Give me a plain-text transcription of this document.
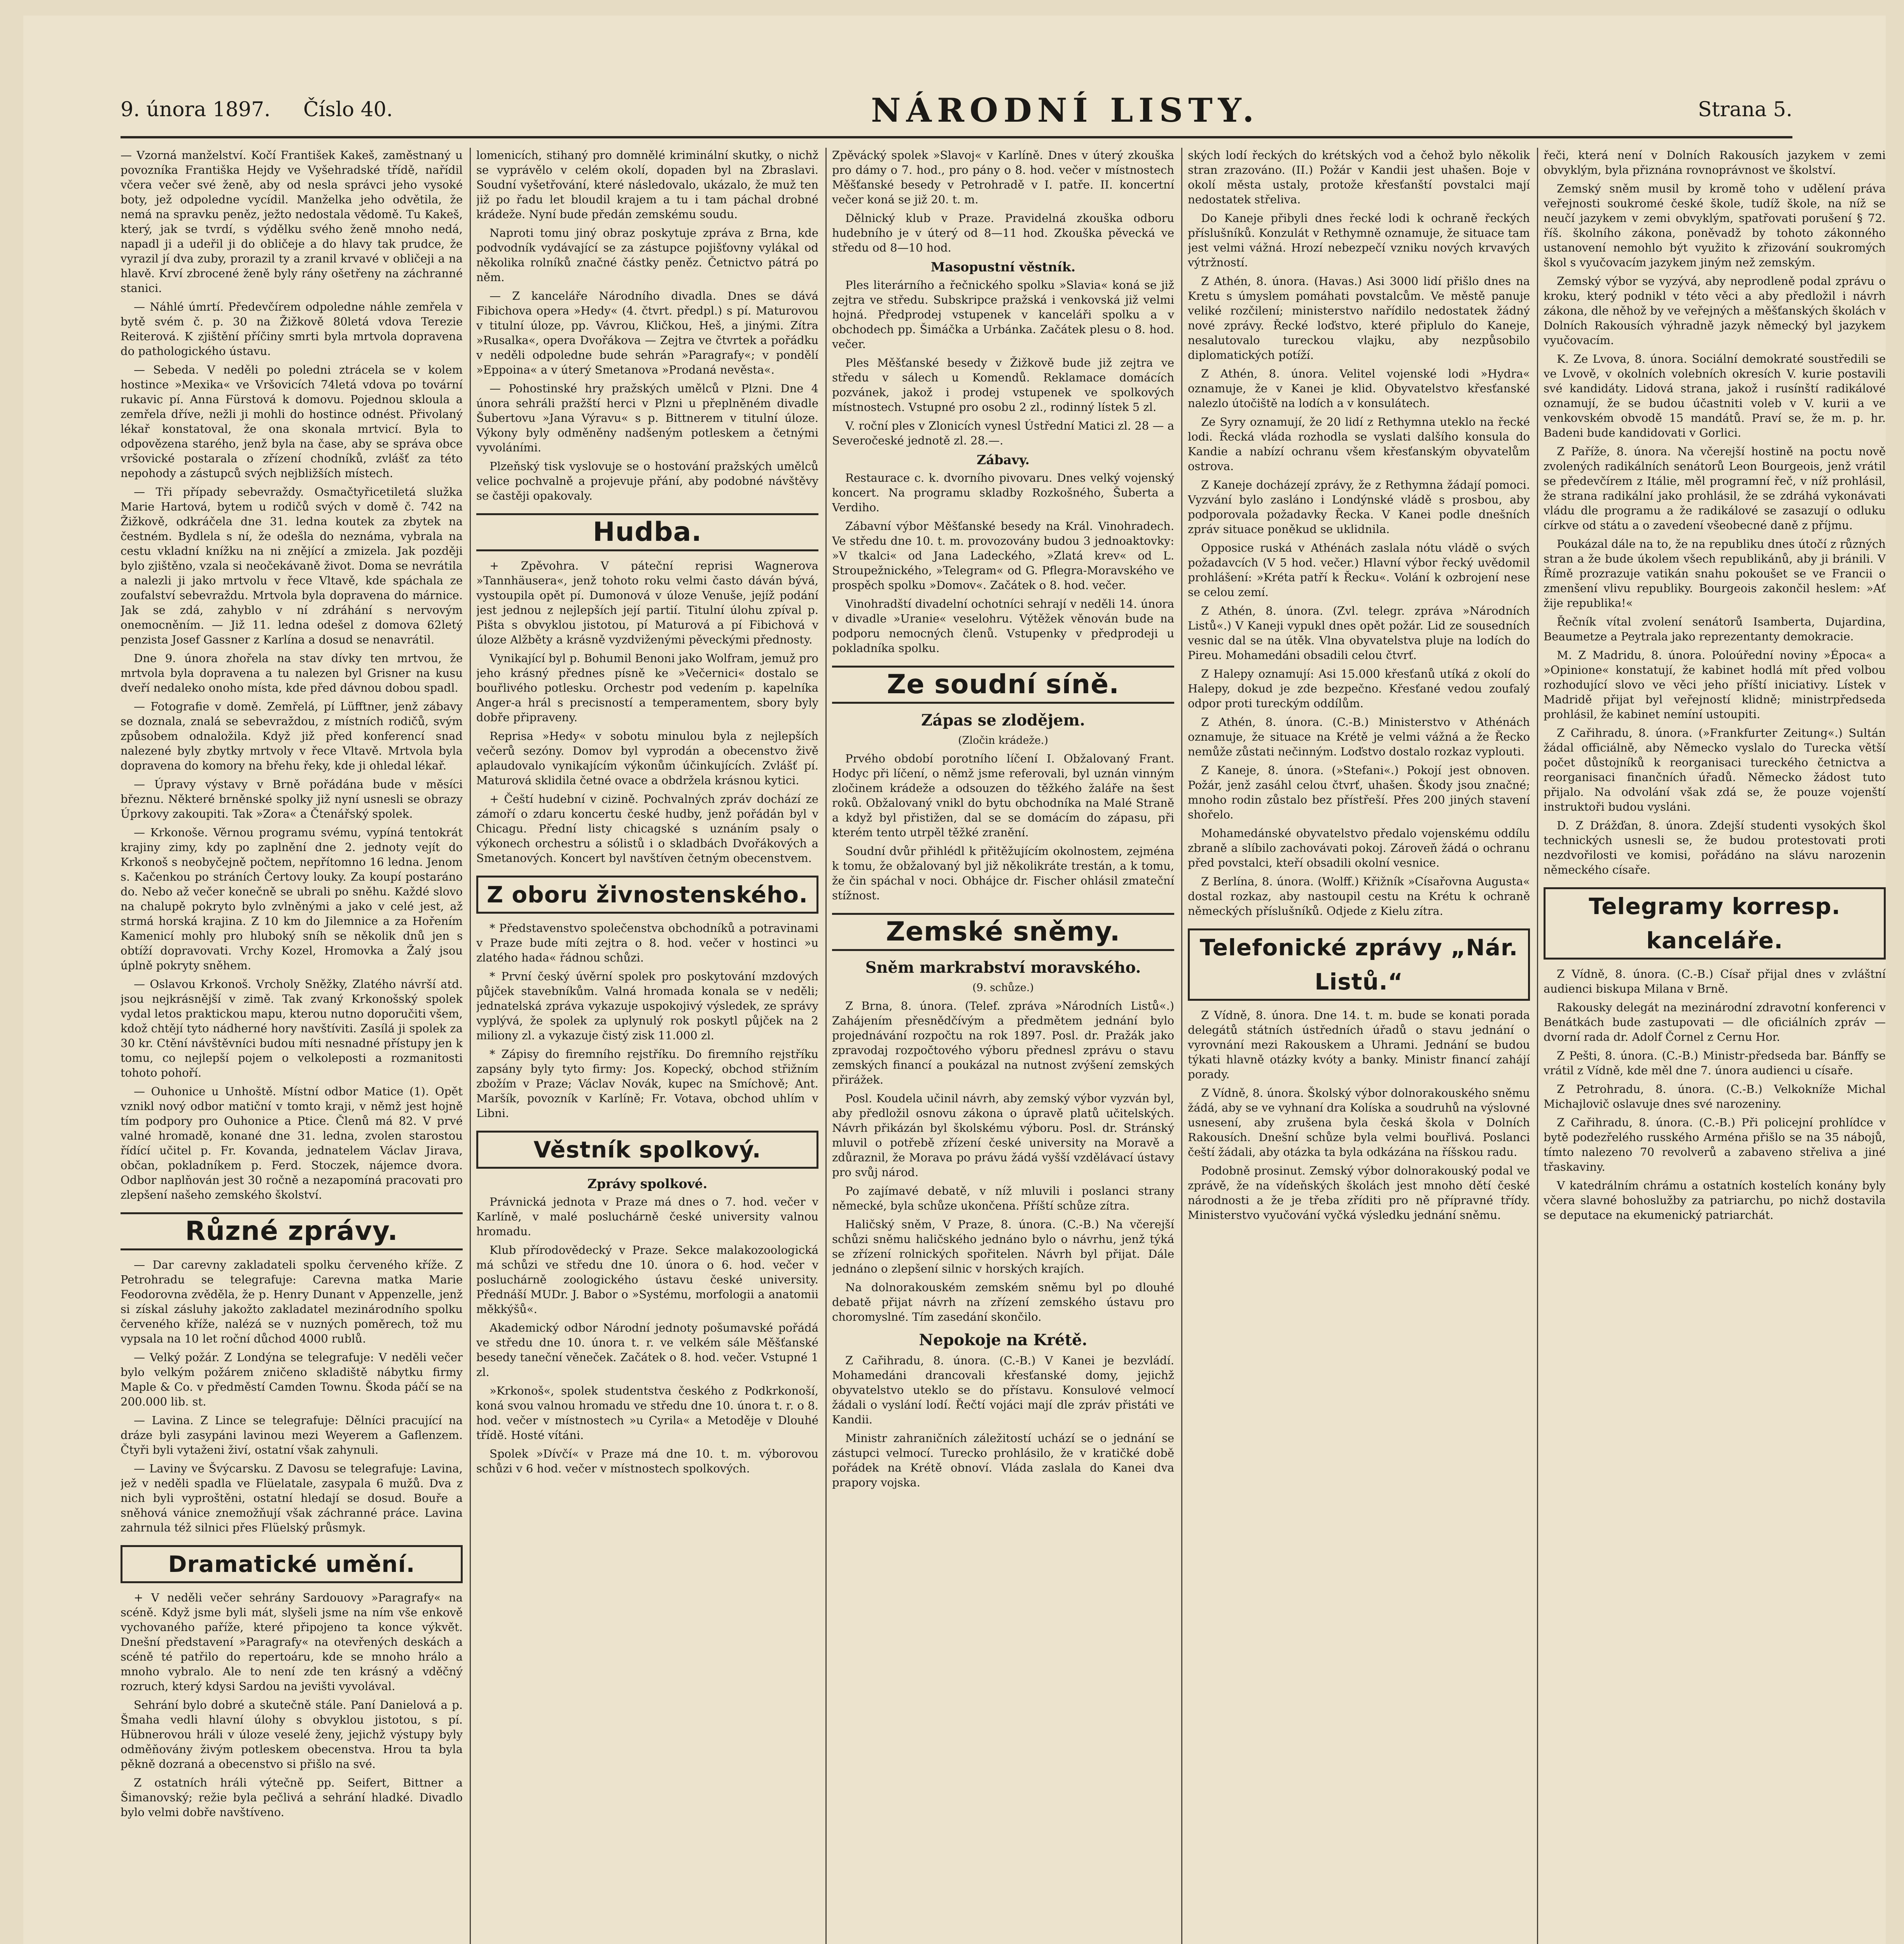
9. února 1897. Číslo 40.	NÁRODNÍ LISTY.	Strana 5.

— Vzorná manželství. Kočí František Kakeš, zaměstnaný u povozníka Františka Hejdy ve Vyšehradské třídě, nařídil včera večer své ženě, aby od nesla správci jeho vysoké boty, jež odpoledne vycídil. Manželka jeho odvětila, že nemá na spravku peněz, ježto nedostala vědomě. Tu Kakeš, který, jak se tvrdí, s výdělku svého ženě mnoho nedá, napadl ji a udeřil ji do obličeje a do hlavy tak prudce, že vyrazil jí dva zuby, prorazil ty a zranil krvavé v obličeji a na hlavě. Krví zbrocené ženě byly rány ošetřeny na záchranné stanici.

— Náhlé úmrtí. Předevčírem odpoledne náhle zemřela v bytě svém č. p. 30 na Žižkově 80letá vdova Terezie Reiterová. K zjištění příčiny smrti byla mrtvola dopravena do pathologického ústavu.

— Sebeda. V neděli po poledni ztrácela se v kolem hostince »Mexika« ve Vršovicích 74letá vdova po tovární rukavic pí. Anna Fürstová k domovu. Pojednou skloula a zemřela dříve, nežli ji mohli do hostince odnést. Přivolaný lékař konstatoval, že ona skonala mrtvicí. Byla to odpovězena starého, jenž byla na čase, aby se správa obce vršovické postarala o zřízení chodníků, zvlášť za této nepohody a zástupců svých nejbližších místech.

— Tři případy sebevraždy. Osmačtyřicetiletá služka Marie Hartová, bytem u rodičů svých v domě č. 742 na Žižkově, odkráčela dne 31. ledna koutek za zbytek na čestném. Bydlela s ní, že odešla do neznáma, vybrala na cestu vkladní knížku na ni znějící a zmizela. Jak později bylo zjištěno, vzala si neočekávaně život. Doma se nevrátila a nalezli ji jako mrtvolu v řece Vltavě, kde spáchala ze zoufalství sebevraždu. Mrtvola byla dopravena do márnice. Jak se zdá, zahyblo v ní zdráhání s nervovým onemocněním. — Již 11. ledna odešel z domova 62letý penzista Josef Gassner z Karlína a dosud se nenavrátil.

Dne 9. února zhořela na stav dívky ten mrtvou, že mrtvola byla dopravena a tu nalezen byl Grisner na kusu dveří nedaleko onoho místa, kde před dávnou dobou spadl.

— Fotografie v domě. Zemřelá, pí Lüfftner, jenž zábavy se doznala, znalá se sebevraždou, z místních rodičů, svým způsobem odnaložila. Když již před konferencí snad nalezené byly zbytky mrtvoly v řece Vltavě. Mrtvola byla dopravena do komory na břehu řeky, kde ji ohledal lékař.

— Úpravy výstavy v Brně pořádána bude v měsíci březnu. Některé brněnské spolky již nyní usnesli se obrazy Úprkovy zakoupiti. Tak »Zora« a Čtenářský spolek.

— Krkonoše. Věrnou programu svému, vypíná tentokrát krajiny zimy, kdy po zaplnění dne 2. jednoty vejít do Krkonoš s neobyčejně počtem, nepřítomno 16 ledna. Jenom s. Kačenkou po stráních Čertovy louky. Za koupí postaráno do. Nebo až večer konečně se ubrali po sněhu. Každé slovo na chalupě pokryto bylo zvlněnými a jako v celé jest, až strmá horská krajina. Z 10 km do Jilemnice a za Hořením Kamenicí mohly pro hluboký sníh se několik dnů jen s obtíží dopravovati. Vrchy Kozel, Hromovka a Žalý jsou úplně pokryty sněhem.

— Oslavou Krkonoš. Vrcholy Sněžky, Zlatého návrší atd. jsou nejkrásnější v zimě. Tak zvaný Krkonošský spolek vydal letos praktickou mapu, kterou nutno doporučiti všem, kdož chtějí tyto nádherné hory navštíviti. Zasílá ji spolek za 30 kr. Ctění návštěvníci budou míti nesnadné přístupy jen k tomu, co nejlepší pojem o velkoleposti a rozmanitosti tohoto pohoří.

— Ouhonice u Unhoště. Místní odbor Matice (1). Opět vznikl nový odbor matiční v tomto kraji, v němž jest hojně tím podpory pro Ouhonice a Ptice. Členů má 82. V prvé valné hromadě, konané dne 31. ledna, zvolen starostou řídící učitel p. Fr. Kovanda, jednatelem Václav Jirava, občan, pokladníkem p. Ferd. Stoczek, nájemce dvora. Odbor naplňován jest 30 ročně a nezapomíná pracovati pro zlepšení našeho zemského školství.

Různé zprávy.

— Dar carevny zakladateli spolku červeného kříže. Z Petrohradu se telegrafuje: Carevna matka Marie Feodorovna zvěděla, že p. Henry Dunant v Appenzelle, jenž si získal zásluhy jakožto zakladatel mezinárodního spolku červeného kříže, nalézá se v nuzných poměrech, tož mu vypsala na 10 let roční důchod 4000 rublů.

— Velký požár. Z Londýna se telegrafuje: V neděli večer bylo velkým požárem zničeno skladiště nábytku firmy Maple & Co. v předměstí Camden Townu. Škoda páčí se na 200.000 lib. st.

— Lavina. Z Lince se telegrafuje: Dělníci pracující na dráze byli zasypáni lavinou mezi Weyerem a Gaflenzem. Čtyři byli vytaženi živí, ostatní však zahynuli.

— Laviny ve Švýcarsku. Z Davosu se telegrafuje: Lavina, jež v neděli spadla ve Flüelatale, zasypala 6 mužů. Dva z nich byli vyproštěni, ostatní hledají se dosud. Bouře a sněhová vánice znemožňují však záchranné práce. Lavina zahrnula též silnici přes Flüelský průsmyk.

Dramatické umění.

+ V neděli večer sehrány Sardouovy »Paragrafy« na scéně. Když jsme byli mát, slyšeli jsme na ním vše enkově vychovaného paříže, které připojeno ta konce výkvět. Dnešní představení »Paragrafy« na otevřených deskách a scéně té patřilo do repertoáru, kde se mnoho hrálo a mnoho vybralo. Ale to není zde ten krásný a vděčný rozruch, který kdysi Sardou na jevišti vyvolával.

Sehrání bylo dobré a skutečně stále. Paní Danielová a p. Šmaha vedli hlavní úlohy s obvyklou jistotou, s pí. Hübnerovou hráli v úloze veselé ženy, jejichž výstupy byly odměňovány živým potleskem obecenstva. Hrou ta byla pěkně dozraná a obecenstvo si přišlo na své.

Z ostatních hráli výtečně pp. Seifert, Bittner a Šimanovský; režie byla pečlivá a sehrání hladké. Divadlo bylo velmi dobře navštíveno.

lomenicích, stihaný pro domnělé kriminální skutky, o nichž se vyprávělo v celém okolí, dopaden byl na Zbraslavi. Soudní vyšetřování, které následovalo, ukázalo, že muž ten již po řadu let bloudil krajem a tu i tam páchal drobné krádeže. Nyní bude předán zemskému soudu.

Naproti tomu jiný obraz poskytuje zpráva z Brna, kde podvodník vydávající se za zástupce pojišťovny vylákal od několika rolníků značné částky peněz. Četnictvo pátrá po něm.

— Z kanceláře Národního divadla. Dnes se dává Fibichova opera »Hedy« (4. čtvrt. předpl.) s pí. Maturovou v titulní úloze, pp. Vávrou, Kličkou, Heš, a jinými. Zítra »Rusalka«, opera Dvořákova — Zejtra ve čtvrtek a pořádku v neděli odpoledne bude sehrán »Paragrafy«; v pondělí »Eppoina« a v úterý Smetanova »Prodaná nevěsta«.

— Pohostinské hry pražských umělců v Plzni. Dne 4 února sehráli pražští herci v Plzni u přeplněném divadle Šubertovu »Jana Výravu« s p. Bittnerem v titulní úloze. Výkony byly odměněny nadšeným potleskem a četnými vyvoláními.

Plzeňský tisk vyslovuje se o hostování pražských umělců velice pochvalně a projevuje přání, aby podobné návštěvy se častěji opakovaly.

Hudba.

+ Zpěvohra. V páteční reprisi Wagnerova »Tannhäusera«, jenž tohoto roku velmi často dáván bývá, vystoupila opět pí. Dumonová v úloze Venuše, jejíž podání jest jednou z nejlepších její partií. Titulní úlohu zpíval p. Pišta s obvyklou jistotou, pí Maturová a pí Fibichová v úloze Alžběty a krásně vyzdviženými pěveckými přednosty.

Vynikající byl p. Bohumil Benoni jako Wolfram, jemuž pro jeho krásný přednes písně ke »Večernici« dostalo se bouřlivého potlesku. Orchestr pod vedením p. kapelníka Anger-a hrál s precisností a temperamentem, sbory byly dobře připraveny.

Reprisa »Hedy« v sobotu minulou byla z nejlepších večerů sezóny. Domov byl vyprodán a obecenstvo živě aplaudovalo vynikajícím výkonům účinkujících. Zvlášť pí. Maturová sklidila četné ovace a obdržela krásnou kytici.

+ Čeští hudební v cizině. Pochvalných zpráv dochází ze zámoří o zdaru koncertu české hudby, jenž pořádán byl v Chicagu. Přední listy chicagské s uznáním psaly o výkonech orchestru a sólistů i o skladbách Dvořákových a Smetanových. Koncert byl navštíven četným obecenstvem.

Z oboru živnostenského.

* Představenstvo společenstva obchodníků a potravinami v Praze bude míti zejtra o 8. hod. večer v hostinci »u zlatého hada« řádnou schůzi.

* První český úvěrní spolek pro poskytování mzdových půjček stavebníkům. Valná hromada konala se v neděli; jednatelská zpráva vykazuje uspokojivý výsledek, ze správy vyplývá, že spolek za uplynulý rok poskytl půjček na 2 miliony zl. a vykazuje čistý zisk 11.000 zl.

* Zápisy do firemního rejstříku. Do firemního rejstříku zapsány byly tyto firmy: Jos. Kopecký, obchod střižním zbožím v Praze; Václav Novák, kupec na Smíchově; Ant. Maršík, povozník v Karlíně; Fr. Votava, obchod uhlím v Libni.

Věstník spolkový.
Zprávy spolkové.

Právnická jednota v Praze má dnes o 7. hod. večer v Karlíně, v malé posluchárně české university valnou hromadu.

Klub přírodovědecký v Praze. Sekce malakozoologická má schůzi ve středu dne 10. února o 6. hod. večer v posluchárně zoologického ústavu české university. Přednáší MUDr. J. Babor o »Systému, morfologii a anatomii měkkýšů«.

Akademický odbor Národní jednoty pošumavské pořádá ve středu dne 10. února t. r. ve velkém sále Měšťanské besedy taneční věneček. Začátek o 8. hod. večer. Vstupné 1 zl.

»Krkonoš«, spolek studentstva českého z Podkrkonoší, koná svou valnou hromadu ve středu dne 10. února t. r. o 8. hod. večer v místnostech »u Cyrila« a Metoděje v Dlouhé třídě. Hosté vítáni.

Spolek »Dívčí« v Praze má dne 10. t. m. výborovou schůzi v 6 hod. večer v místnostech spolkových.

Zpěvácký spolek »Slavoj« v Karlíně. Dnes v úterý zkouška pro dámy o 7. hod., pro pány o 8. hod. večer v místnostech Měšťanské besedy v Petrohradě v I. patře. II. koncertní večer koná se již 20. t. m.

Dělnický klub v Praze. Pravidelná zkouška odboru hudebního je v úterý od 8—11 hod. Zkouška pěvecká ve středu od 8—10 hod.

Masopustní věstník.

Ples literárního a řečnického spolku »Slavia« koná se již zejtra ve středu. Subskripce pražská i venkovská již velmi hojná. Předprodej vstupenek v kanceláři spolku a v obchodech pp. Šimáčka a Urbánka. Začátek plesu o 8. hod. večer.

Ples Měšťanské besedy v Žižkově bude již zejtra ve středu v sálech u Komendů. Reklamace domácích pozvánek, jakož i prodej vstupenek ve spolkových místnostech. Vstupné pro osobu 2 zl., rodinný lístek 5 zl.

V. roční ples v Zlonicích vynesl Ústřední Matici zl. 28 — a Severočeské jednotě zl. 28.—.

Zábavy.

Restaurace c. k. dvorního pivovaru. Dnes velký vojenský koncert. Na programu skladby Rozkošného, Šuberta a Verdiho.

Zábavní výbor Měšťanské besedy na Král. Vinohradech. Ve středu dne 10. t. m. provozovány budou 3 jednoaktovky: »V tkalci« od Jana Ladeckého, »Zlatá krev« od L. Stroupežnického, »Telegram« od G. Pflegra-Moravského ve prospěch spolku »Domov«. Začátek o 8. hod. večer.

Vinohradští divadelní ochotníci sehrají v neděli 14. února v divadle »Uranie« veselohru. Výtěžek věnován bude na podporu nemocných členů. Vstupenky v předprodeji u pokladníka spolku.

Ze soudní síně.
Zápas se zlodějem.
(Zločin krádeže.)

Prvého období porotního líčení I. Obžalovaný Frant. Hodyc při líčení, o němž jsme referovali, byl uznán vinným zločinem krádeže a odsouzen do těžkého žaláře na šest roků. Obžalovaný vnikl do bytu obchodníka na Malé Straně a když byl přistižen, dal se se domácím do zápasu, při kterém tento utrpěl těžké zranění.

Soudní dvůr přihlédl k přitěžujícím okolnostem, zejména k tomu, že obžalovaný byl již několikráte trestán, a k tomu, že čin spáchal v noci. Obhájce dr. Fischer ohlásil zmateční stížnost.

Zemské sněmy.
Sněm markrabství moravského.
(9. schůze.)

Z Brna, 8. února. (Telef. zpráva »Národních Listů«.) Zahájením přesnědčívým a předmětem jednání bylo projednávání rozpočtu na rok 1897. Posl. dr. Pražák jako zpravodaj rozpočtového výboru přednesl zprávu o stavu zemských financí a poukázal na nutnost zvýšení zemských přirážek.

Posl. Koudela učinil návrh, aby zemský výbor vyzván byl, aby předložil osnovu zákona o úpravě platů učitelských. Návrh přikázán byl školskému výboru. Posl. dr. Stránský mluvil o potřebě zřízení české university na Moravě a zdůraznil, že Morava po právu žádá vyšší vzdělávací ústavy pro svůj národ.

Po zajímavé debatě, v níž mluvili i poslanci strany německé, byla schůze ukončena. Příští schůze zítra.

Haličský sněm, V Praze, 8. února. (C.-B.) Na včerejší schůzi sněmu haličského jednáno bylo o návrhu, jenž týká se zřízení rolnických spořitelen. Návrh byl přijat. Dále jednáno o zlepšení silnic v horských krajích.

Na dolnorakouském zemském sněmu byl po dlouhé debatě přijat návrh na zřízení zemského ústavu pro choromyslné. Tím zasedání skončilo.

Nepokoje na Krétě.

Z Cařihradu, 8. února. (C.-B.) V Kanei je bezvládí. Mohamedáni drancovali křesťanské domy, jejichž obyvatelstvo uteklo se do přístavu. Konsulové velmocí žádali o vyslání lodí. Řečtí vojáci mají dle zpráv přistáti ve Kandii.

Ministr zahraničních záležitostí uchází se o jednání se zástupci velmocí. Turecko prohlásilo, že v kratičké době pořádek na Krétě obnoví. Vláda zaslala do Kanei dva prapory vojska.

ských lodí řeckých do krétských vod a čehož bylo několik stran zrazováno. (II.) Požár v Kandii jest uhašen. Boje v okolí města ustaly, protože křesťanští povstalci mají nedostatek střeliva.

Do Kaneje přibyli dnes řecké lodi k ochraně řeckých příslušníků. Konzulát v Rethymně oznamuje, že situace tam jest velmi vážná. Hrozí nebezpečí vzniku nových krvavých výtržností.

Z Athén, 8. února. (Havas.) Asi 3000 lidí přišlo dnes na Kretu s úmyslem pomáhati povstalcům. Ve městě panuje veliké rozčilení; ministerstvo nařídilo nedostatek žádný nové zprávy. Řecké loďstvo, které připlulo do Kaneje, nesalutovalo tureckou vlajku, aby nezpůsobilo diplomatických potíží.

Z Athén, 8. února. Velitel vojenské lodi »Hydra« oznamuje, že v Kanei je klid. Obyvatelstvo křesťanské nalezlo útočiště na lodích a v konsulátech.

Ze Syry oznamují, že 20 lidí z Rethymna uteklo na řecké lodi. Řecká vláda rozhodla se vyslati dalšího konsula do Kandie a nabízí ochranu všem křesťanským obyvatelům ostrova.

Z Kaneje docházejí zprávy, že z Rethymna žádají pomoci. Vyzvání bylo zasláno i Londýnské vládě s prosbou, aby podporovala požadavky Řecka. V Kanei podle dnešních zpráv situace poněkud se uklidnila.

Opposice ruská v Athénách zaslala nótu vládě o svých požadavcích (V 5 hod. večer.) Hlavní výbor řecký uvědomil prohlášení: »Kréta patří k Řecku«. Volání k ozbrojení nese se celou zemí.

Z Athén, 8. února. (Zvl. telegr. zpráva »Národních Listů«.) V Kaneji vypukl dnes opět požár. Lid ze sousedních vesnic dal se na útěk. Vlna obyvatelstva pluje na lodích do Pireu. Mohamedáni obsadili celou čtvrť.

Z Halepy oznamují: Asi 15.000 křesťanů utíká z okolí do Halepy, dokud je zde bezpečno. Křesťané vedou zoufalý odpor proti tureckým oddílům.

Z Athén, 8. února. (C.-B.) Ministerstvo v Athénách oznamuje, že situace na Krétě je velmi vážná a že Řecko nemůže zůstati nečinným. Loďstvo dostalo rozkaz vyplouti.

Z Kaneje, 8. února. (»Stefani«.) Pokojí jest obnoven. Požár, jenž zasáhl celou čtvrť, uhašen. Škody jsou značné; mnoho rodin zůstalo bez přístřeší. Přes 200 jiných stavení shořelo.

Mohamedánské obyvatelstvo předalo vojenskému oddílu zbraně a slíbilo zachovávati pokoj. Zároveň žádá o ochranu před povstalci, kteří obsadili okolní vesnice.

Z Berlína, 8. února. (Wolff.) Křižník »Císařovna Augusta« dostal rozkaz, aby nastoupil cestu na Krétu k ochraně německých příslušníků. Odjede z Kielu zítra.

Telefonické zprávy „Nár. Listů.“

Z Vídně, 8. února. Dne 14. t. m. bude se konati porada delegátů státních ústředních úřadů o stavu jednání o vyrovnání mezi Rakouskem a Uhrami. Jednání se budou týkati hlavně otázky kvóty a banky. Ministr financí zahájí porady.

Z Vídně, 8. února. Školský výbor dolnorakouského sněmu žádá, aby se ve vyhnaní dra Kolíska a soudruhů na výslovné usnesení, aby zrušena byla česká škola v Dolních Rakousích. Dnešní schůze byla velmi bouřlivá. Poslanci čeští žádali, aby otázka ta byla odkázána na říšskou radu.

Podobně prosinut. Zemský výbor dolnorakouský podal ve zprávě, že na vídeňských školách jest mnoho dětí české národnosti a že je třeba zříditi pro ně přípravné třídy. Ministerstvo vyučování vyčká výsledku jednání sněmu.

řeči, která není v Dolních Rakousích jazykem v zemi obvyklým, byla přiznána rovnoprávnost ve školství.

Zemský sněm musil by kromě toho v udělení práva veřejnosti soukromé české škole, tudíž škole, na níž se neučí jazykem v zemi obvyklým, spatřovati porušení § 72. říš. školního zákona, poněvadž by tohoto zákonného ustanovení nemohlo být využito k zřizování soukromých škol s vyučovacím jazykem jiným než zemským.

Zemský výbor se vyzývá, aby neprodleně podal zprávu o kroku, který podnikl v této věci a aby předložil i návrh zákona, dle něhož by ve veřejných a měšťanských školách v Dolních Rakousích výhradně jazyk německý byl jazykem vyučovacím.

K. Ze Lvova, 8. února. Sociální demokraté soustředili se ve Lvově, v okolních volebních okresích V. kurie postavili své kandidáty. Lidová strana, jakož i rusínští radikálové oznamují, že se budou účastniti voleb v V. kurii a ve venkovském obvodě 15 mandátů. Praví se, že m. p. hr. Badeni bude kandidovati v Gorlici.

Z Paříže, 8. února. Na včerejší hostině na poctu nově zvolených radikálních senátorů Leon Bourgeois, jenž vrátil se předevčírem z Itálie, měl programní řeč, v níž prohlásil, že strana radikální jako prohlásil, že se zdráhá vykonávati vládu dle programu a že radikálové se zasazují o odluku církve od státu a o zavedení všeobecné daně z příjmu.

Poukázal dále na to, že na republiku dnes útočí z různých stran a že bude úkolem všech republikánů, aby ji bránili. V Římě prozrazuje vatikán snahu pokoušet se ve Francii o zmenšení vlivu republiky. Bourgeois zakončil heslem: »Ať žije republika!«

Řečník vítal zvolení senátorů Isamberta, Dujardina, Beaumetze a Peytrala jako reprezentanty demokracie.

M. Z Madridu, 8. února. Poloúřední noviny »Época« a »Opinione« konstatují, že kabinet hodlá mít před volbou rozhodující slovo ve věci jeho příští iniciativy. Lístek v Madridě přijat byl veřejností klidně; ministrpředseda prohlásil, že kabinet nemíní ustoupiti.

Z Cařihradu, 8. února. (»Frankfurter Zeitung«.) Sultán žádal officiálně, aby Německo vyslalo do Turecka větší počet důstojníků k reorganisaci tureckého četnictva a reorganisaci finančních úřadů. Německo žádost tuto přijalo. Na odvolání však zdá se, že pouze vojenští instruktoři budou vysláni.

D. Z Drážďan, 8. února. Zdejší studenti vysokých škol technických usnesli se, že budou protestovati proti nezdvořilosti ve komisi, pořádáno na slávu narozenin německého císaře.

Telegramy korresp. kanceláře.

Z Vídně, 8. února. (C.-B.) Císař přijal dnes v zvláštní audienci biskupa Milana v Brně.

Rakousky delegát na mezinárodní zdravotní konferenci v Benátkách bude zastupovati — dle oficiálních zpráv — dvorní rada dr. Adolf Čornel z Cernu Hor.

Z Pešti, 8. února. (C.-B.) Ministr-předseda bar. Bánffy se vrátil z Vídně, kde měl dne 7. února audienci u císaře.

Z Petrohradu, 8. února. (C.-B.) Velkokníže Michal Michajlovič oslavuje dnes své narozeniny.

Z Cařihradu, 8. února. (C.-B.) Při policejní prohlídce v bytě podezřelého rusského Arména přišlo se na 35 nábojů, tímto nalezeno 70 revolverů a zabaveno střeliva a jiné třaskaviny.

V katedrálním chrámu a ostatních kostelích konány byly včera slavné bohoslužby za patriarchu, po nichž dostavila se deputace na ekumenický patriarchát.
